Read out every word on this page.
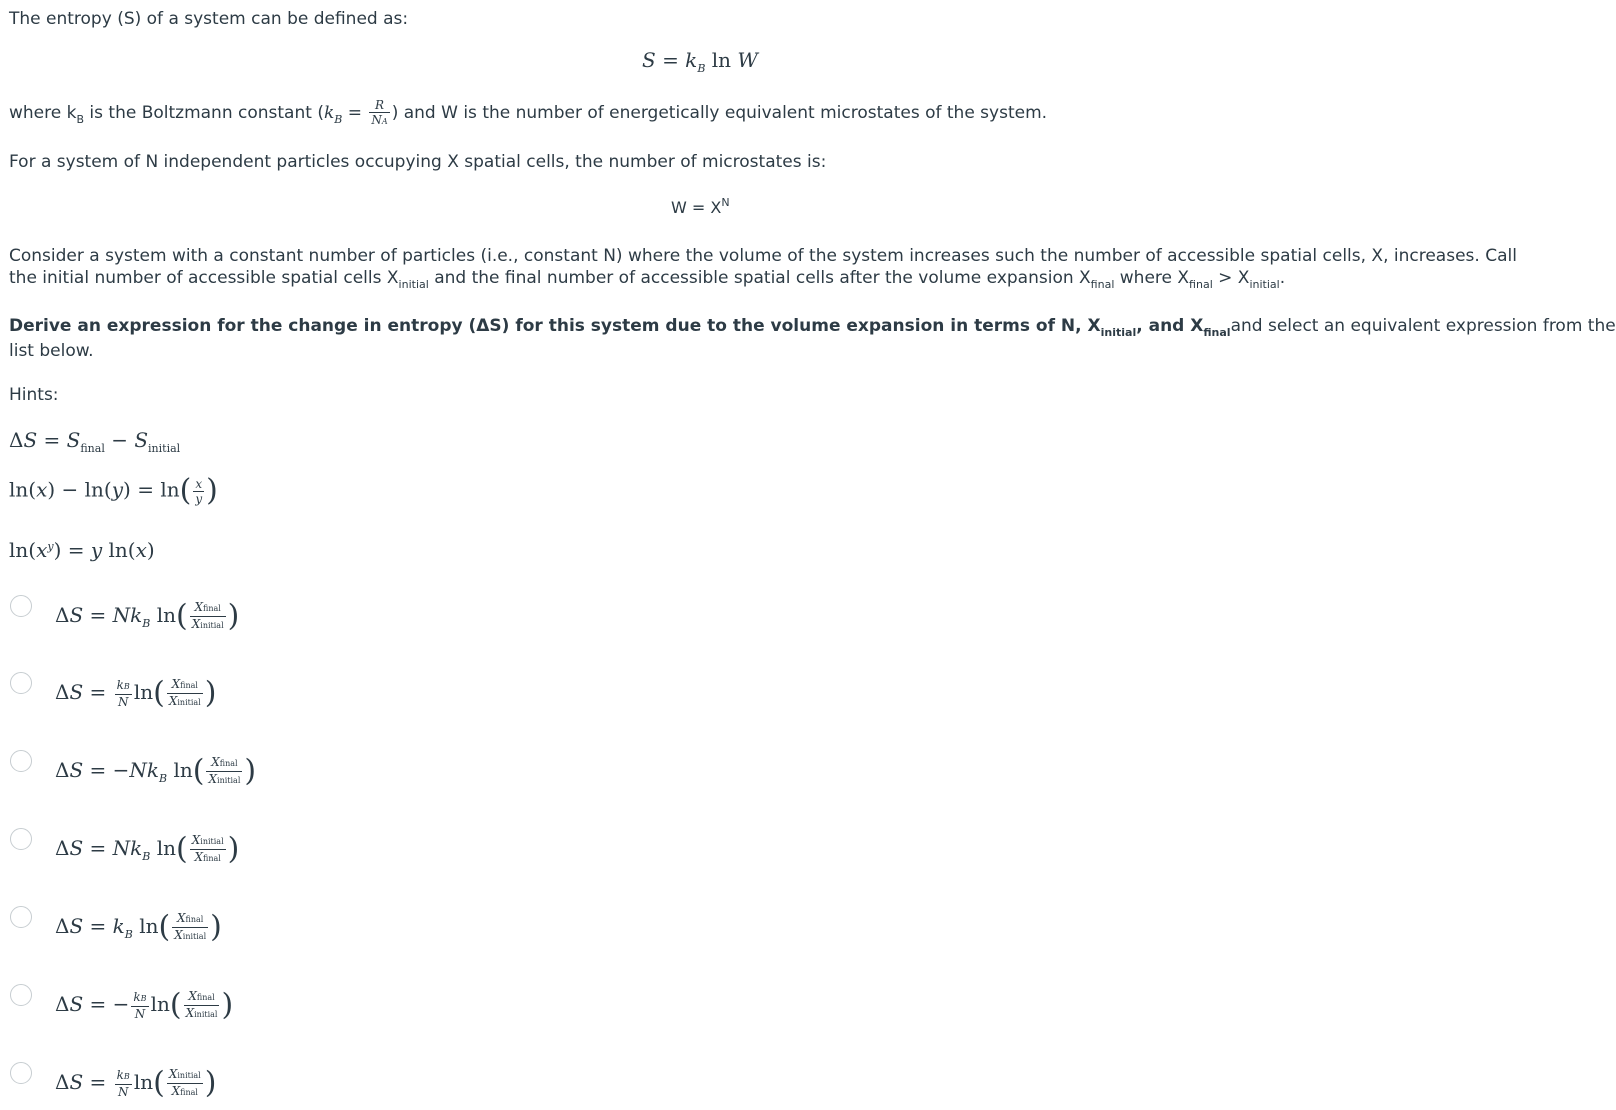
The entropy (S) of a system can be defined as:
$S = k_B$ ln W
where $k_B$ is the Boltzmann constant ($k_B = \frac{R}{NA}$ ) and W is the number of energetically equivalent microstates of the system.
For a system of N independent particles occupying X spatial cells, the number of microstates is:
$W = X^N$
Consider a system with a constant number of particles (i.e., constant N) where the volume of the system increases such the number of accessible spatial cells, X, increases. Call
the initial number of accessible spatial cells $X_{initial}$ and the final number of accessible spatial cells after the volume expansion $X_{final}$ where $X_{final} > X_{initial}$.
Derive an expression for the change in entropy (ΔS) for this system due to the volume expansion in terms of N, $X_{initial}$, and $X_{final}and$ select an equivalent expression from the
list below.
Hints:
$\Delta S = S_{final} - S_{initial}$
$\ln(x) - \ln(y) = \ln( \frac{x}{y}$ )
$\ln(x^y) = y$ ln(x)
$\Delta S = Nk_B$ $\ln( \frac{\text{Xfinal}}{\text{Xinitial}}$ )
$\Delta S = \frac{kB}{N} \ln( \frac{\text{Xfinal}}{\text{Xinitial}}$ )
$\Delta S = -Nk_B$ $\ln( \frac{\text{Xfinal}}{\text{Xinitial}}$ )
$\Delta S = Nk_B$ $\ln( \frac{\text{Xinitial}}{\text{Xfinal}}$ )
$\Delta S = k_B$ $\ln( \frac{\text{Xfinal}}{\text{Xinitial}}$ )
ΔS = − $\frac{kB}{N} \ln( \frac{\text{Xfinal}}{\text{Xinitial}}$ )
$\Delta S = \frac{kB}{N} \ln( \frac{\text{Xinitial}}{\text{Xfinal}}$ )
